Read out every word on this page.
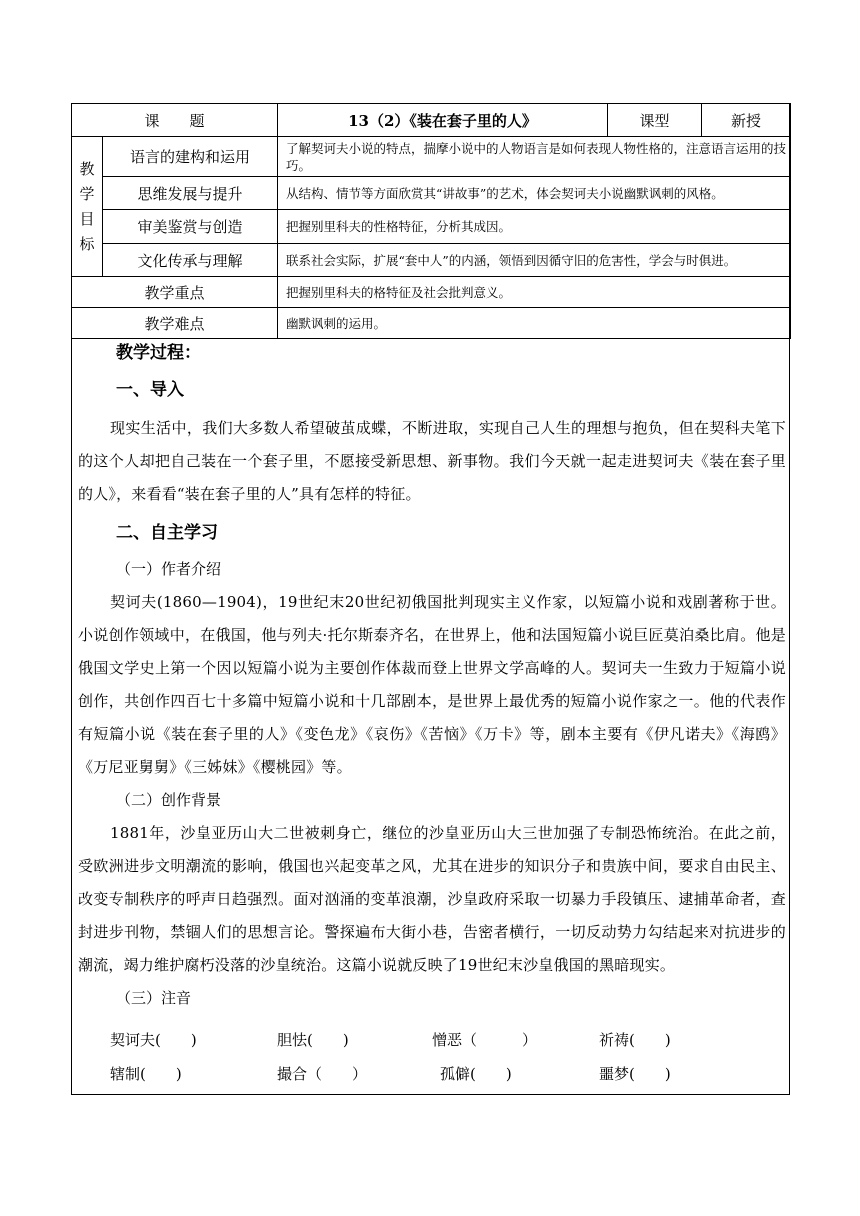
课　　题		13（2）《装在套子里的人》	课型	新授

教
学
目
标	语言的建构和运用	了解契诃夫小说的特点，揣摩小说中的人物语言是如何表现人物性格的，注意语言运用的技巧。		
	思维发展与提升	从结构、情节等方面欣赏其“讲故事”的艺术，体会契诃夫小说幽默讽刺的风格。		
	审美鉴赏与创造	把握别里科夫的性格特征，分析其成因。		
	文化传承与理解	联系社会实际，扩展“套中人”的内涵，领悟到因循守旧的危害性，学会与时俱进。		
教学重点		把握别里科夫的格特征及社会批判意义。		
教学难点		幽默讽刺的运用。		
教学过程：
一、导入

现实生活中，我们大多数人希望破茧成蝶，不断进取，实现自己人生的理想与抱负，但在契科夫笔下的这个人却把自己装在一个套子里，不愿接受新思想、新事物。我们今天就一起走进契诃夫《装在套子里的人》，来看看“装在套子里的人”具有怎样的特征。

二、自主学习

（一）作者介绍

契诃夫(1860—1904)，19世纪末20世纪初俄国批判现实主义作家，以短篇小说和戏剧著称于世。小说创作领域中，在俄国，他与列夫·托尔斯泰齐名，在世界上，他和法国短篇小说巨匠莫泊桑比肩。他是俄国文学史上第一个因以短篇小说为主要创作体裁而登上世界文学高峰的人。契诃夫一生致力于短篇小说创作，共创作四百七十多篇中短篇小说和十几部剧本，是世界上最优秀的短篇小说作家之一。他的代表作有短篇小说《装在套子里的人》《变色龙》《哀伤》《苦恼》《万卡》等，剧本主要有《伊凡诺夫》《海鸥》《万尼亚舅舅》《三姊妹》《樱桃园》等。

（二）创作背景

1881年，沙皇亚历山大二世被刺身亡，继位的沙皇亚历山大三世加强了专制恐怖统治。在此之前，受欧洲进步文明潮流的影响，俄国也兴起变革之风，尤其在进步的知识分子和贵族中间，要求自由民主、改变专制秩序的呼声日趋强烈。面对汹涌的变革浪潮，沙皇政府采取一切暴力手段镇压、逮捕革命者，查封进步刊物，禁锢人们的思想言论。警探遍布大街小巷，告密者横行，一切反动势力勾结起来对抗进步的潮流，竭力维护腐朽没落的沙皇统治。这篇小说就反映了19世纪末沙皇俄国的黑暗现实。

（三）注音

契诃夫(　　)	胆怯(　　)	憎恶（　　　）	祈祷(　　)
辖制(　　)	撮合（　　）	孤僻(　　)	噩梦(　　)
